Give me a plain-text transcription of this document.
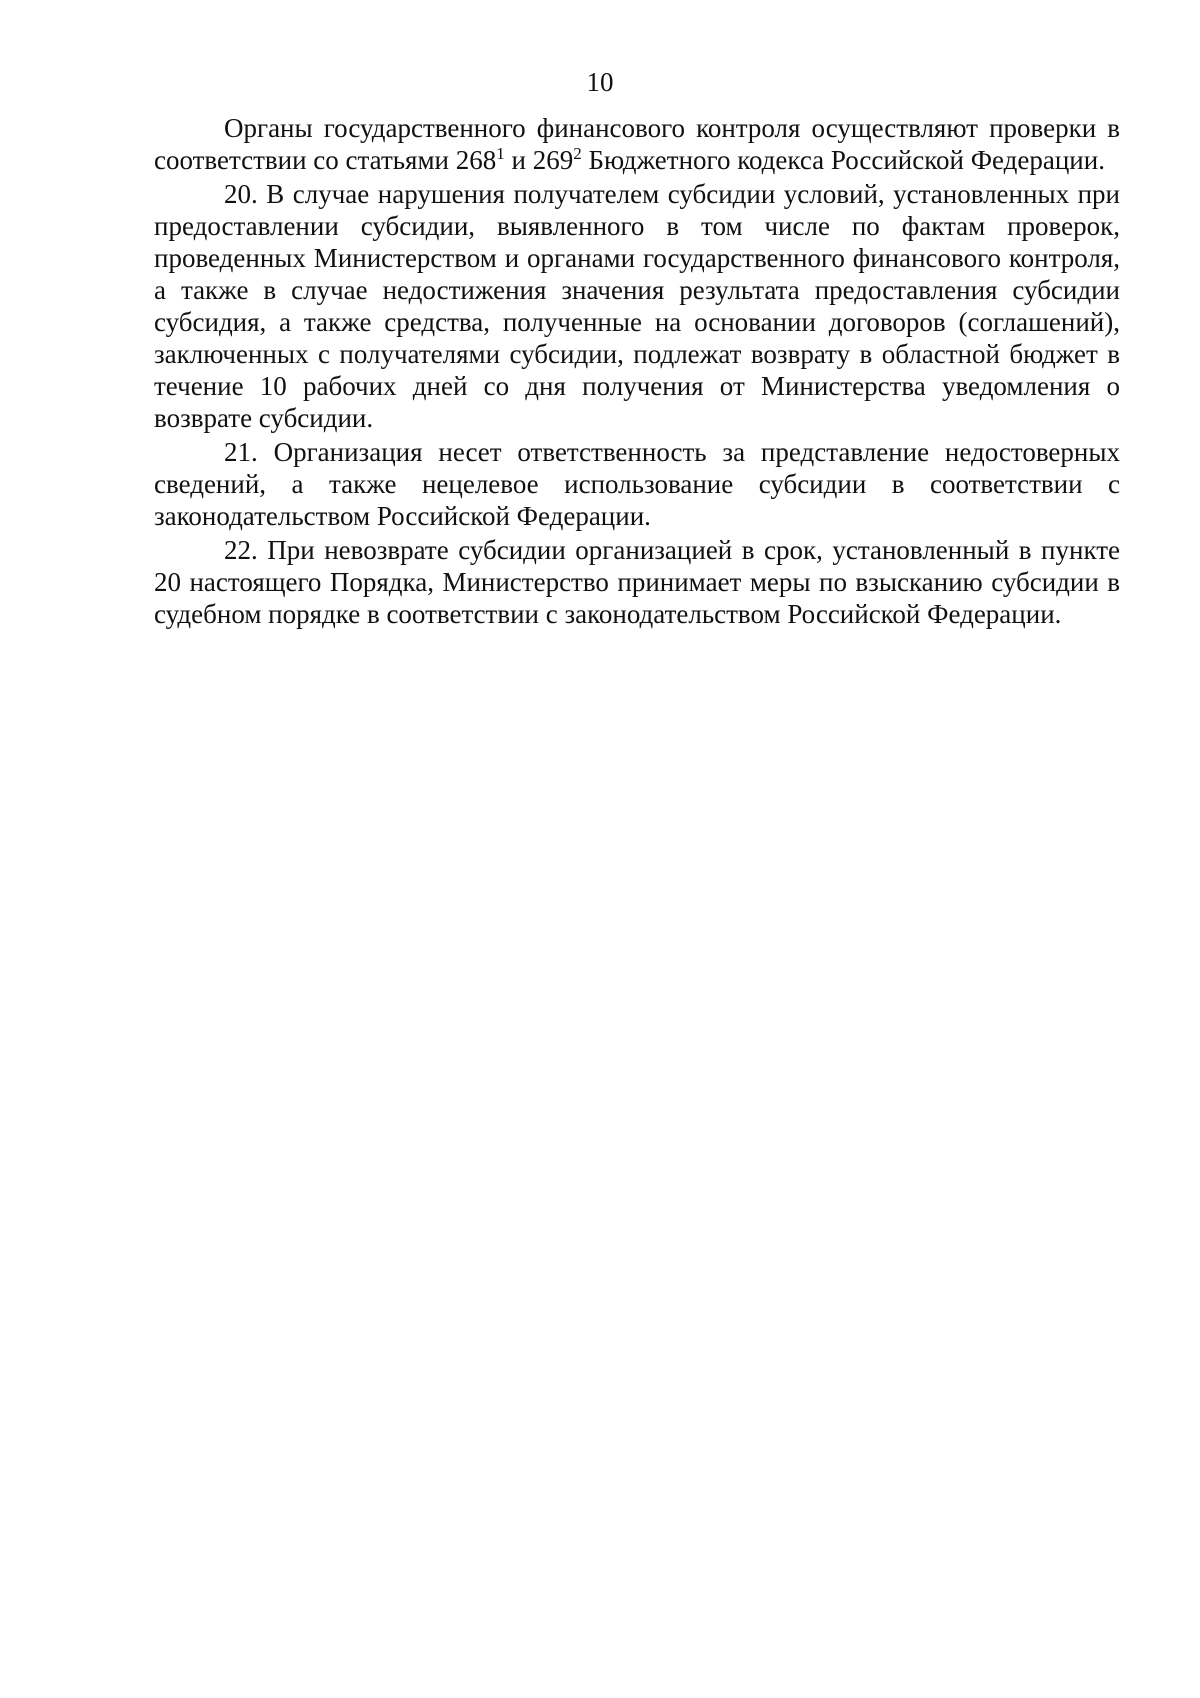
10

Органы государственного финансового контроля осуществляют проверки в соответствии со статьями $268^1$ и $269^2$ Бюджетного кодекса Российской Федерации.

20. В случае нарушения получателем субсидии условий, установленных при предоставлении субсидии, выявленного в том числе по фактам проверок, проведенных Министерством и органами государственного финансового контроля, а также в случае недостижения значения результата предоставления субсидии субсидия, а также средства, полученные на основании договоров (соглашений), заключенных с получателями субсидии, подлежат возврату в областной бюджет в течение 10 рабочих дней со дня получения от Министерства уведомления о возврате субсидии.

21. Организация несет ответственность за представление недостоверных сведений, а также нецелевое использование субсидии в соответствии с законодательством Российской Федерации.

22. При невозврате субсидии организацией в срок, установленный в пункте 20 настоящего Порядка, Министерство принимает меры по взысканию субсидии в судебном порядке в соответствии с законодательством Российской Федерации.
